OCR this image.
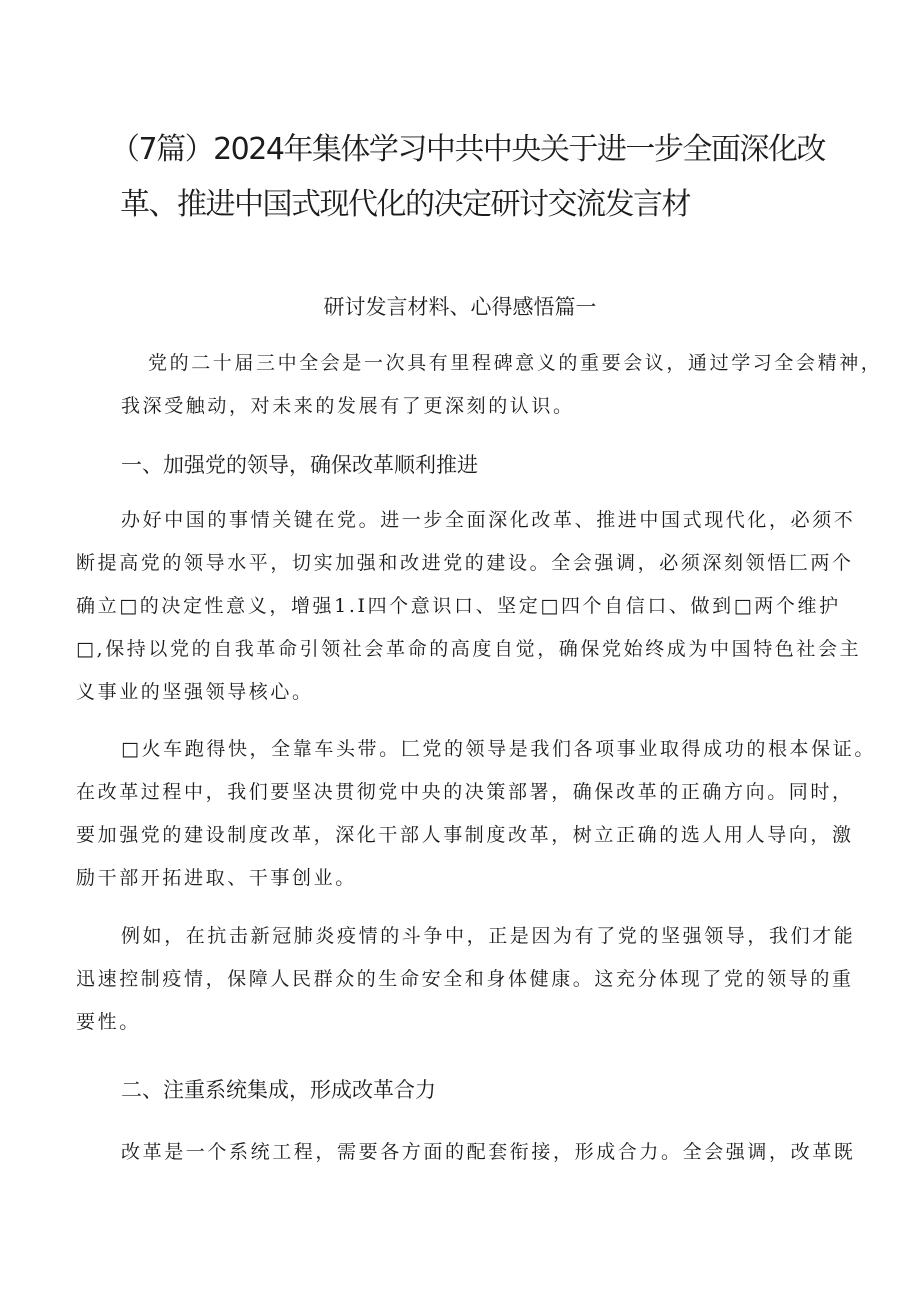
（7篇）2024年集体学习中共中央关于进一步全面深化改
革、推进中国式现代化的决定研讨交流发言材
研讨发言材料、心得感悟篇一
党的二十届三中全会是一次具有里程碑意义的重要会议，通过学习全会精神，
我深受触动，对未来的发展有了更深刻的认识。
一、加强党的领导，确保改革顺利推进
办好中国的事情关键在党。进一步全面深化改革、推进中国式现代化，必须不
断提高党的领导水平，切实加强和改进党的建设。全会强调，必须深刻领悟匚两个
确立□的决定性意义，增强1.I四个意识口、坚定□四个自信口、做到□两个维护
□,保持以党的自我革命引领社会革命的高度自觉，确保党始终成为中国特色社会主
义事业的坚强领导核心。
□火车跑得快，全靠车头带。匚党的领导是我们各项事业取得成功的根本保证。
在改革过程中，我们要坚决贯彻党中央的决策部署，确保改革的正确方向。同时，
要加强党的建设制度改革，深化干部人事制度改革，树立正确的选人用人导向，激
励干部开拓进取、干事创业。
例如，在抗击新冠肺炎疫情的斗争中，正是因为有了党的坚强领导，我们才能
迅速控制疫情，保障人民群众的生命安全和身体健康。这充分体现了党的领导的重
要性。
二、注重系统集成，形成改革合力
改革是一个系统工程，需要各方面的配套衔接，形成合力。全会强调，改革既
